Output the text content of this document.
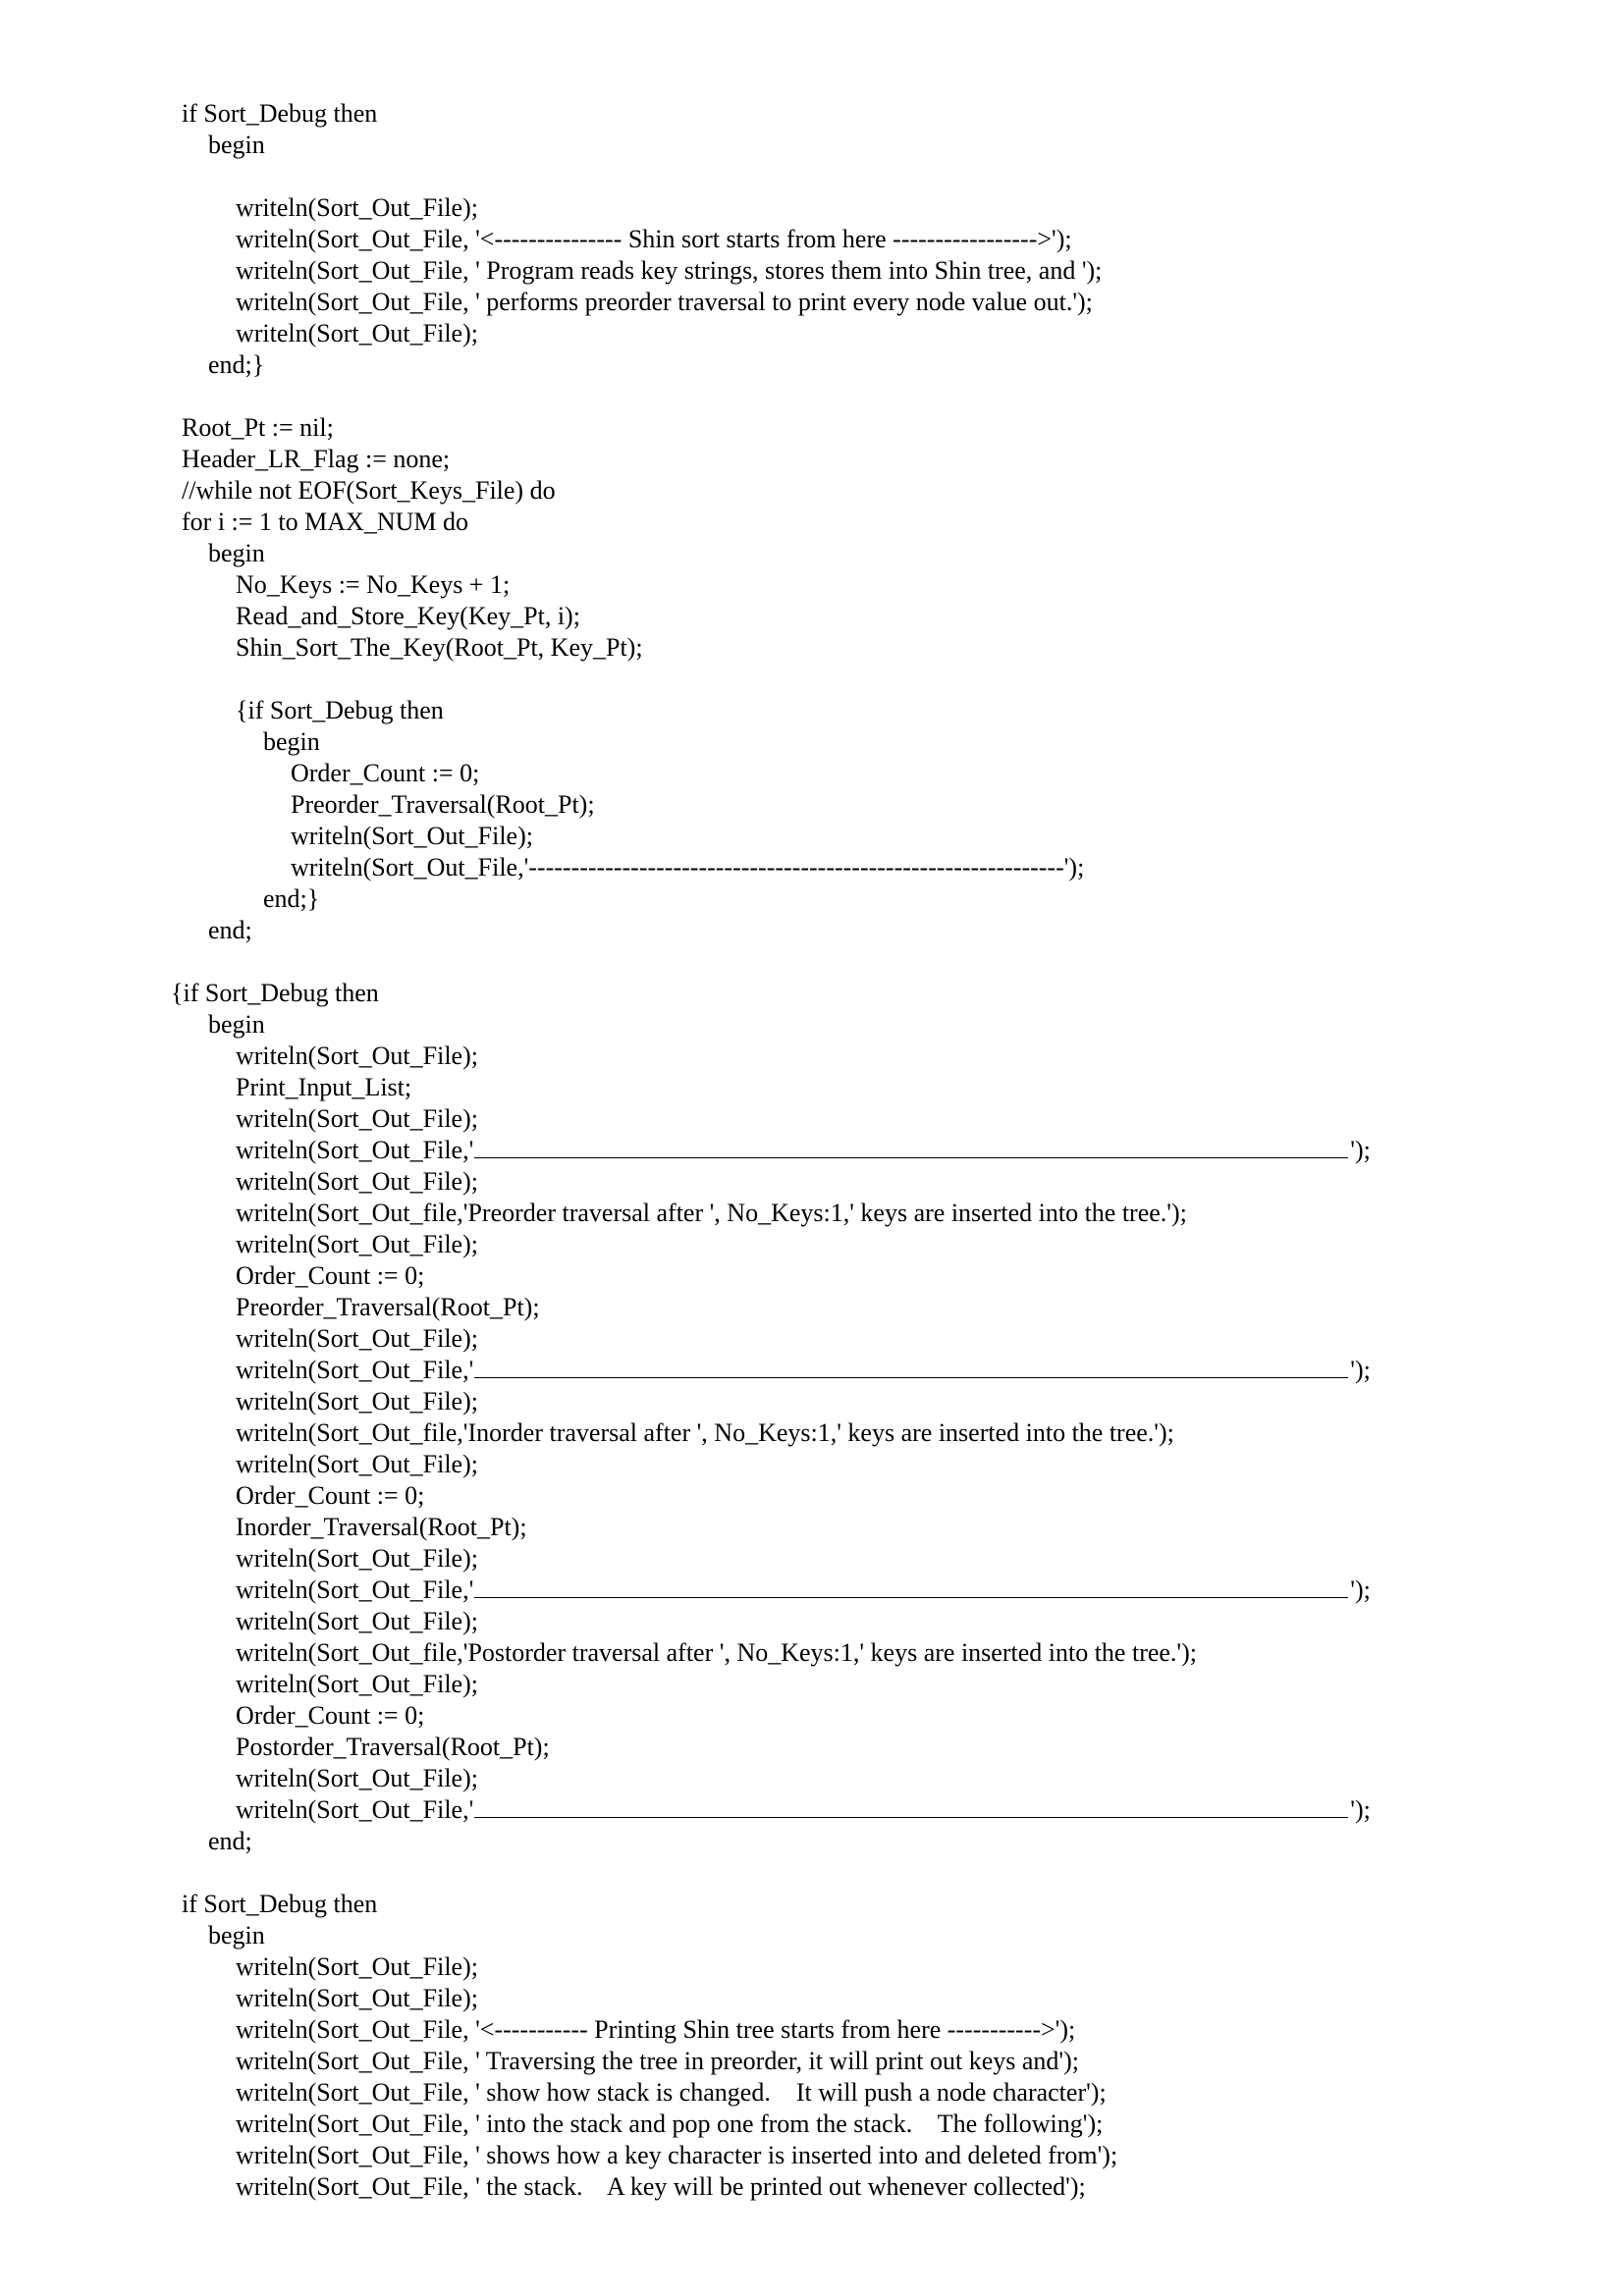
if Sort_Debug then
begin
writeln(Sort_Out_File);
writeln(Sort_Out_File, '<--------------- Shin sort starts from here ----------------->');
writeln(Sort_Out_File, ' Program reads key strings, stores them into Shin tree, and ');
writeln(Sort_Out_File, ' performs preorder traversal to print every node value out.');
writeln(Sort_Out_File);
end;}
Root_Pt := nil;
Header_LR_Flag := none;
//while not EOF(Sort_Keys_File) do
for i := 1 to MAX_NUM do
begin
No_Keys := No_Keys + 1;
Read_and_Store_Key(Key_Pt, i);
Shin_Sort_The_Key(Root_Pt, Key_Pt);
{if Sort_Debug then
begin
Order_Count := 0;
Preorder_Traversal(Root_Pt);
writeln(Sort_Out_File);
writeln(Sort_Out_File,'---------------------------------------------------------------');
end;}
end;
{if Sort_Debug then
begin
writeln(Sort_Out_File);
Print_Input_List;
writeln(Sort_Out_File);
writeln(Sort_Out_File,'	');
writeln(Sort_Out_File);
writeln(Sort_Out_file,'Preorder traversal after ', No_Keys:1,' keys are inserted into the tree.');
writeln(Sort_Out_File);
Order_Count := 0;
Preorder_Traversal(Root_Pt);
writeln(Sort_Out_File);
writeln(Sort_Out_File,'	');
writeln(Sort_Out_File);
writeln(Sort_Out_file,'Inorder traversal after ', No_Keys:1,' keys are inserted into the tree.');
writeln(Sort_Out_File);
Order_Count := 0;
Inorder_Traversal(Root_Pt);
writeln(Sort_Out_File);
writeln(Sort_Out_File,'	');
writeln(Sort_Out_File);
writeln(Sort_Out_file,'Postorder traversal after ', No_Keys:1,' keys are inserted into the tree.');
writeln(Sort_Out_File);
Order_Count := 0;
Postorder_Traversal(Root_Pt);
writeln(Sort_Out_File);
writeln(Sort_Out_File,'	');
end;
if Sort_Debug then
begin
writeln(Sort_Out_File);
writeln(Sort_Out_File);
writeln(Sort_Out_File, '<----------- Printing Shin tree starts from here ----------->');
writeln(Sort_Out_File, ' Traversing the tree in preorder, it will print out keys and');
writeln(Sort_Out_File, ' show how stack is changed.    It will push a node character');
writeln(Sort_Out_File, ' into the stack and pop one from the stack.    The following');
writeln(Sort_Out_File, ' shows how a key character is inserted into and deleted from');
writeln(Sort_Out_File, ' the stack.    A key will be printed out whenever collected');
